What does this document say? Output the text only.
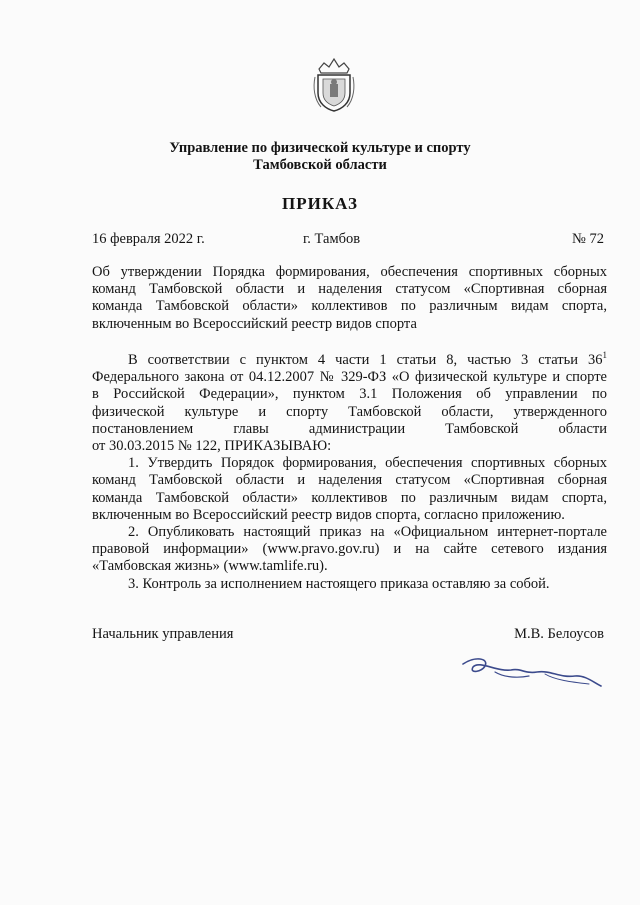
Управление по физической культуре и спорту
Тамбовской области
ПРИКАЗ
16 февраля 2022 г.	г. Тамбов	№ 72
Об утверждении Порядка формирования, обеспечения спортивных сборных
команд Тамбовской области и наделения статусом «Спортивная сборная
команда Тамбовской области» коллективов по различным видам спорта,
включенным во Всероссийский реестр видов спорта
В соответствии с пунктом 4 части 1 статьи 8, частью 3 статьи $36^1$
Федерального закона от 04.12.2007 № 329-ФЗ «О физической культуре и спорте
в Российской Федерации», пунктом 3.1 Положения об управлении по
физической культуре и спорту Тамбовской области, утвержденного
постановлением главы администрации Тамбовской области
от 30.03.2015 № 122, ПРИКАЗЫВАЮ:
1. Утвердить Порядок формирования, обеспечения спортивных сборных
команд Тамбовской области и наделения статусом «Спортивная сборная
команда Тамбовской области» коллективов по различным видам спорта,
включенным во Всероссийский реестр видов спорта, согласно приложению.
2. Опубликовать настоящий приказ на «Официальном интернет-портале
правовой информации» (www.pravo.gov.ru) и на сайте сетевого издания
«Тамбовская жизнь» (www.tamlife.ru).
3. Контроль за исполнением настоящего приказа оставляю за собой.
Начальник управления	М.В. Белоусов
